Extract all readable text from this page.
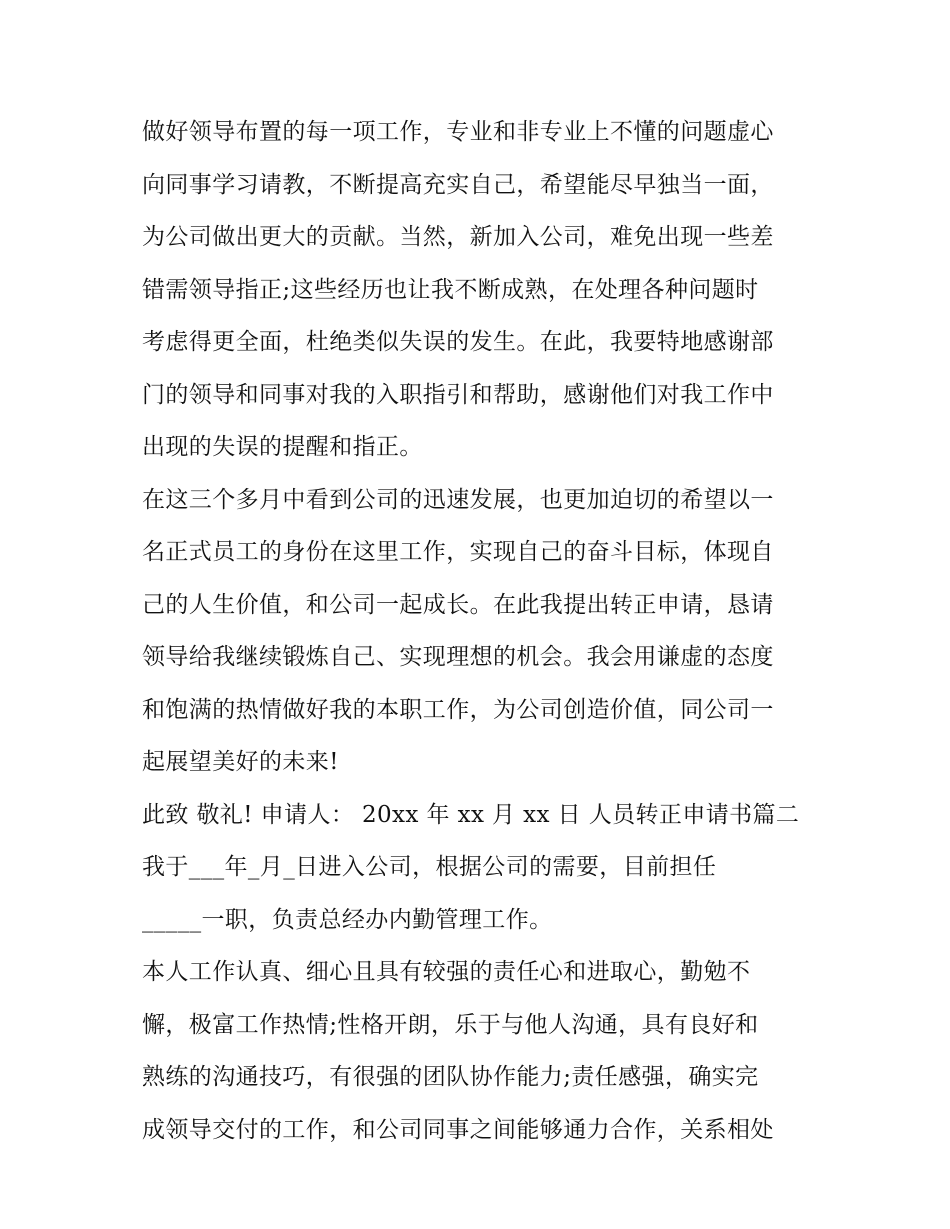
做好领导布置的每一项工作，专业和非专业上不懂的问题虚心
向同事学习请教，不断提高充实自己，希望能尽早独当一面，
为公司做出更大的贡献。当然，新加入公司，难免出现一些差
错需领导指正;这些经历也让我不断成熟，在处理各种问题时
考虑得更全面，杜绝类似失误的发生。在此，我要特地感谢部
门的领导和同事对我的入职指引和帮助，感谢他们对我工作中
出现的失误的提醒和指正。
在这三个多月中看到公司的迅速发展，也更加迫切的希望以一
名正式员工的身份在这里工作，实现自己的奋斗目标，体现自
己的人生价值，和公司一起成长。在此我提出转正申请，恳请
领导给我继续锻炼自己、实现理想的机会。我会用谦虚的态度
和饱满的热情做好我的本职工作，为公司创造价值，同公司一
起展望美好的未来!
此致 敬礼! 申请人： 20xx 年 xx 月 xx 日 人员转正申请书篇二
我于___年_月_日进入公司，根据公司的需要，目前担任
_____一职，负责总经办内勤管理工作。
本人工作认真、细心且具有较强的责任心和进取心，勤勉不
懈，极富工作热情;性格开朗，乐于与他人沟通，具有良好和
熟练的沟通技巧，有很强的团队协作能力;责任感强，确实完
成领导交付的工作，和公司同事之间能够通力合作，关系相处
